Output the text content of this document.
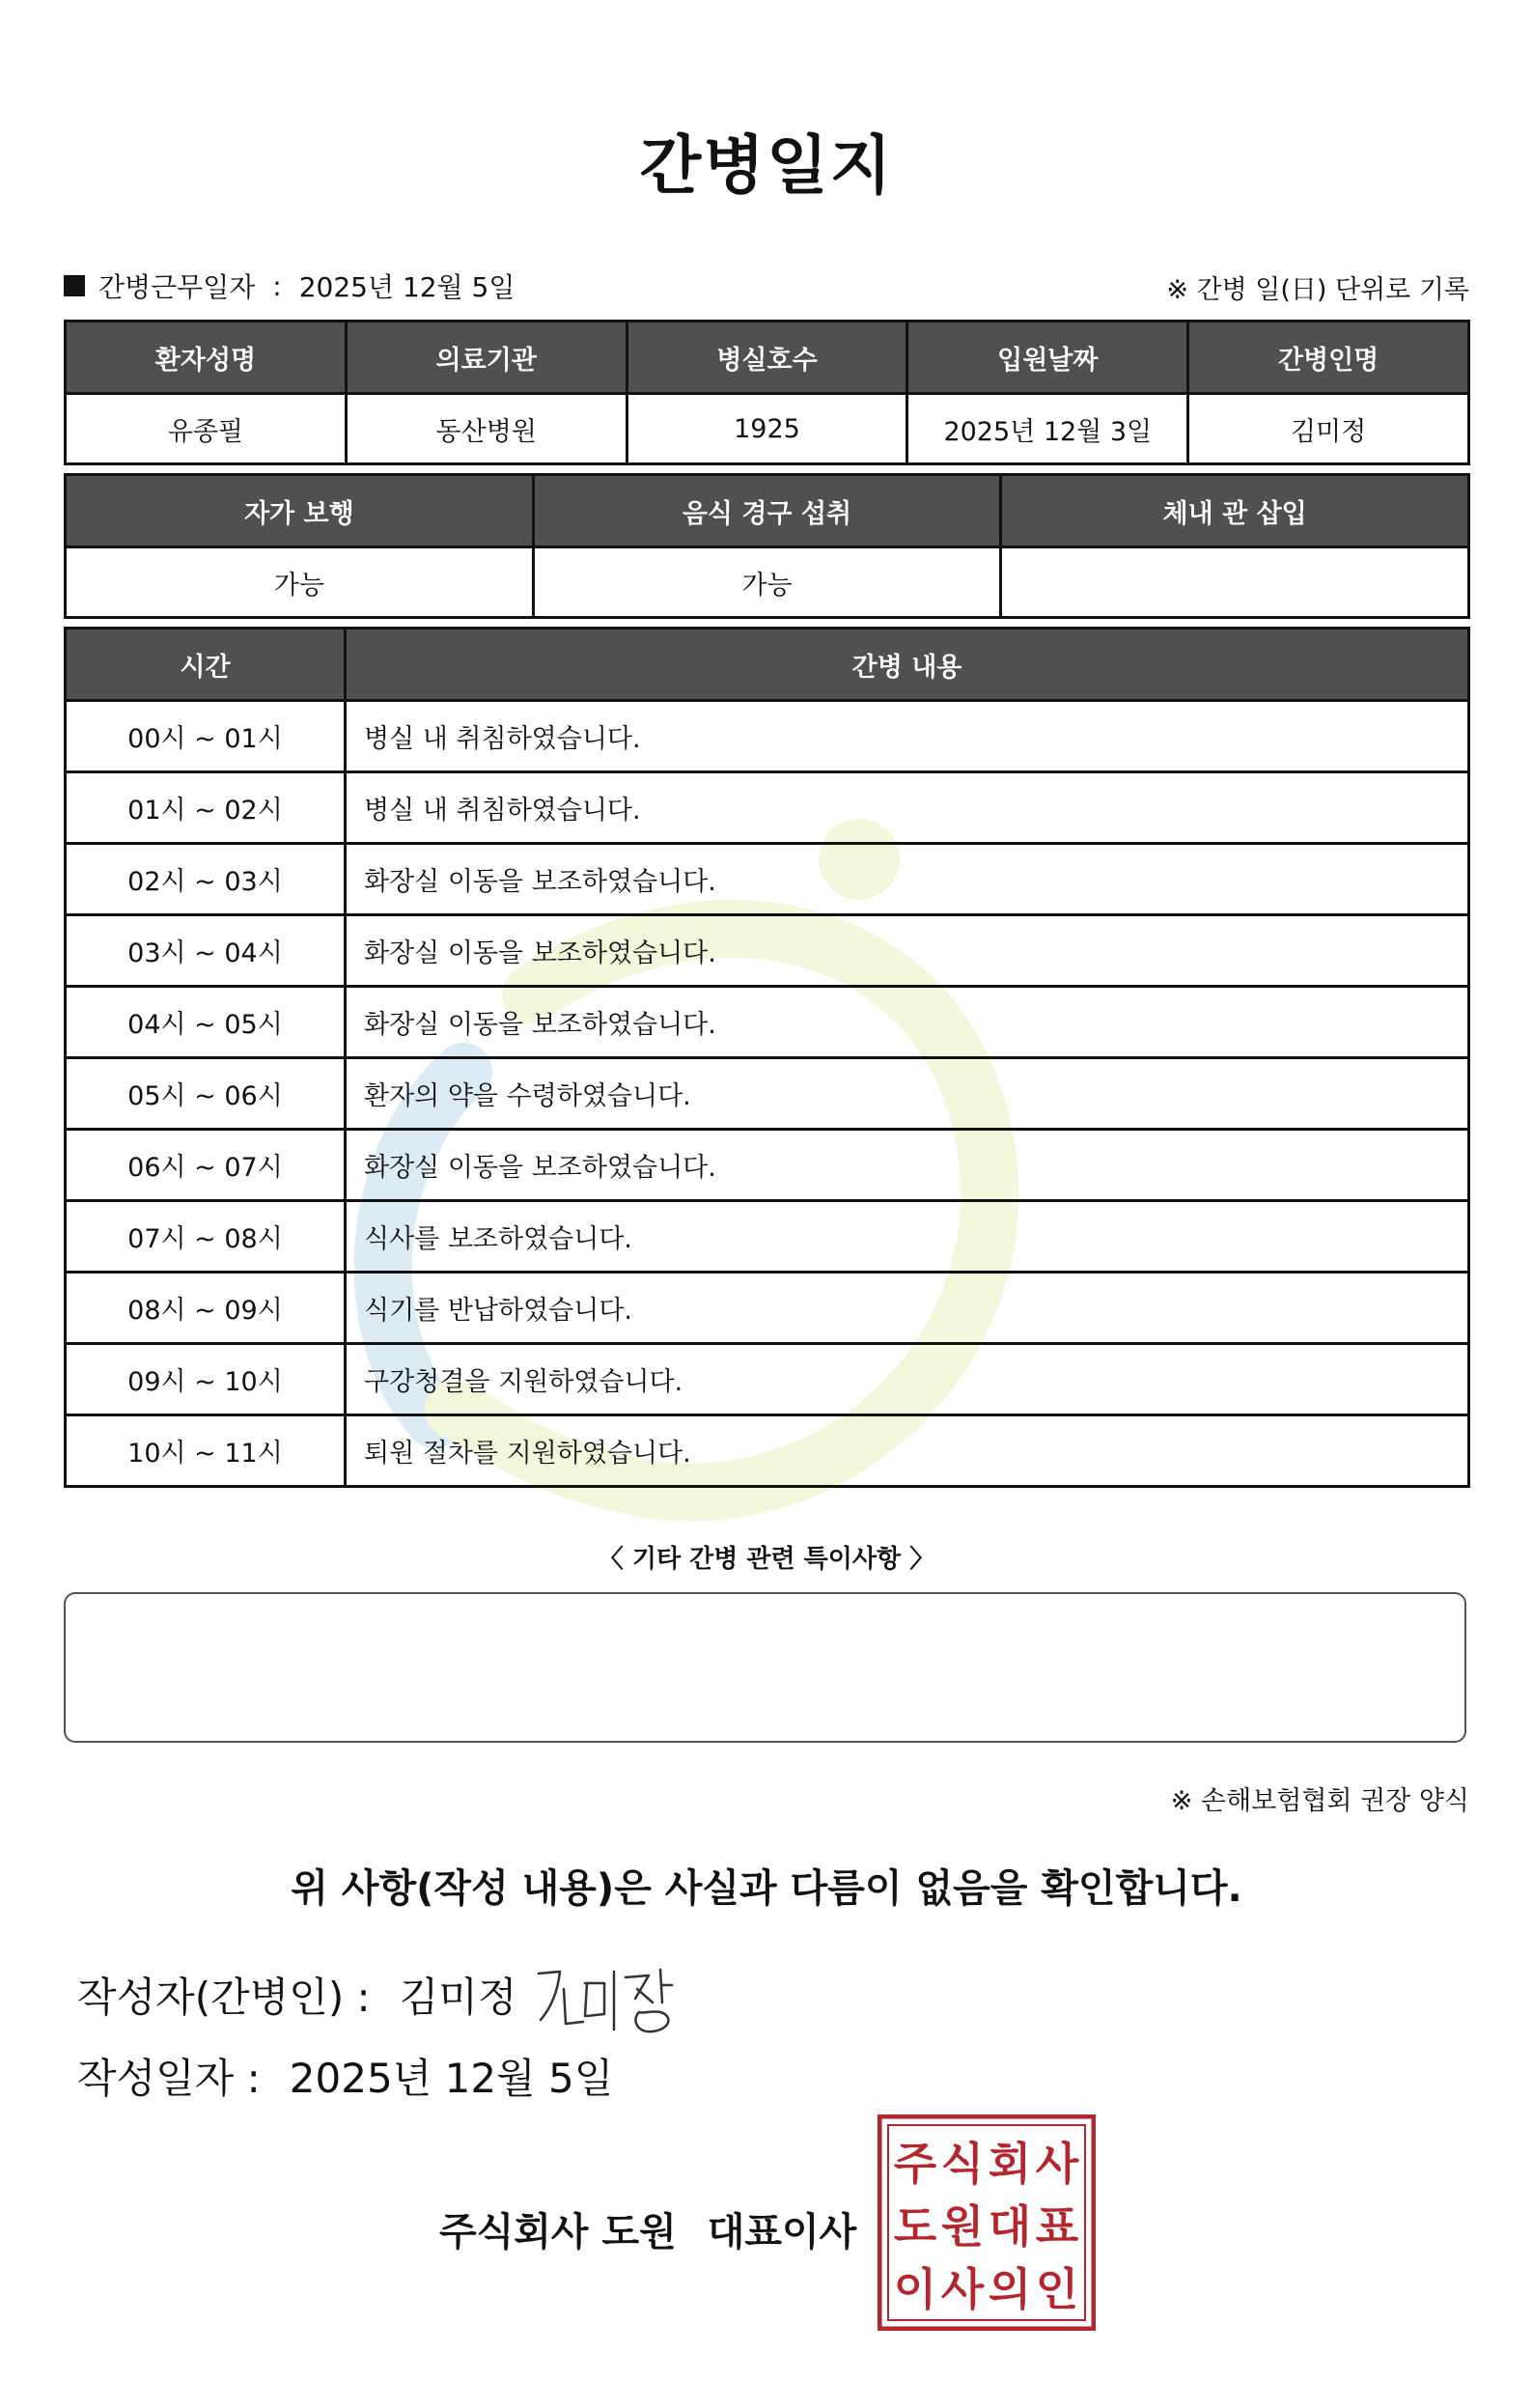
간병일지
간병근무일자 : 2025년 12월 5일	※ 간병 일(日) 단위로 기록
환자성명	의료기관	병실호수	입원날짜	간병인명
유종필	동산병원	1925	2025년 12월 3일	김미정
자가 보행	음식 경구 섭취	체내 관 삽입
가능	가능	
시간	간병 내용
00시 ~ 01시	병실 내 취침하였습니다.
01시 ~ 02시	병실 내 취침하였습니다.
02시 ~ 03시	화장실 이동을 보조하였습니다.
03시 ~ 04시	화장실 이동을 보조하였습니다.
04시 ~ 05시	화장실 이동을 보조하였습니다.
05시 ~ 06시	환자의 약을 수령하였습니다.
06시 ~ 07시	화장실 이동을 보조하였습니다.
07시 ~ 08시	식사를 보조하였습니다.
08시 ~ 09시	식기를 반납하였습니다.
09시 ~ 10시	구강청결을 지원하였습니다.
10시 ~ 11시	퇴원 절차를 지원하였습니다.
〈 기타 간병 관련 특이사항 〉
※ 손해보험협회 권장 양식
위 사항(작성 내용)은 사실과 다름이 없음을 확인합니다.
작성자(간병인) : 김미정
작성일자 : 2025년 12월 5일
주식회사 도원 대표이사
주 식 회 사
도 원 대 표
이 사 의 인
